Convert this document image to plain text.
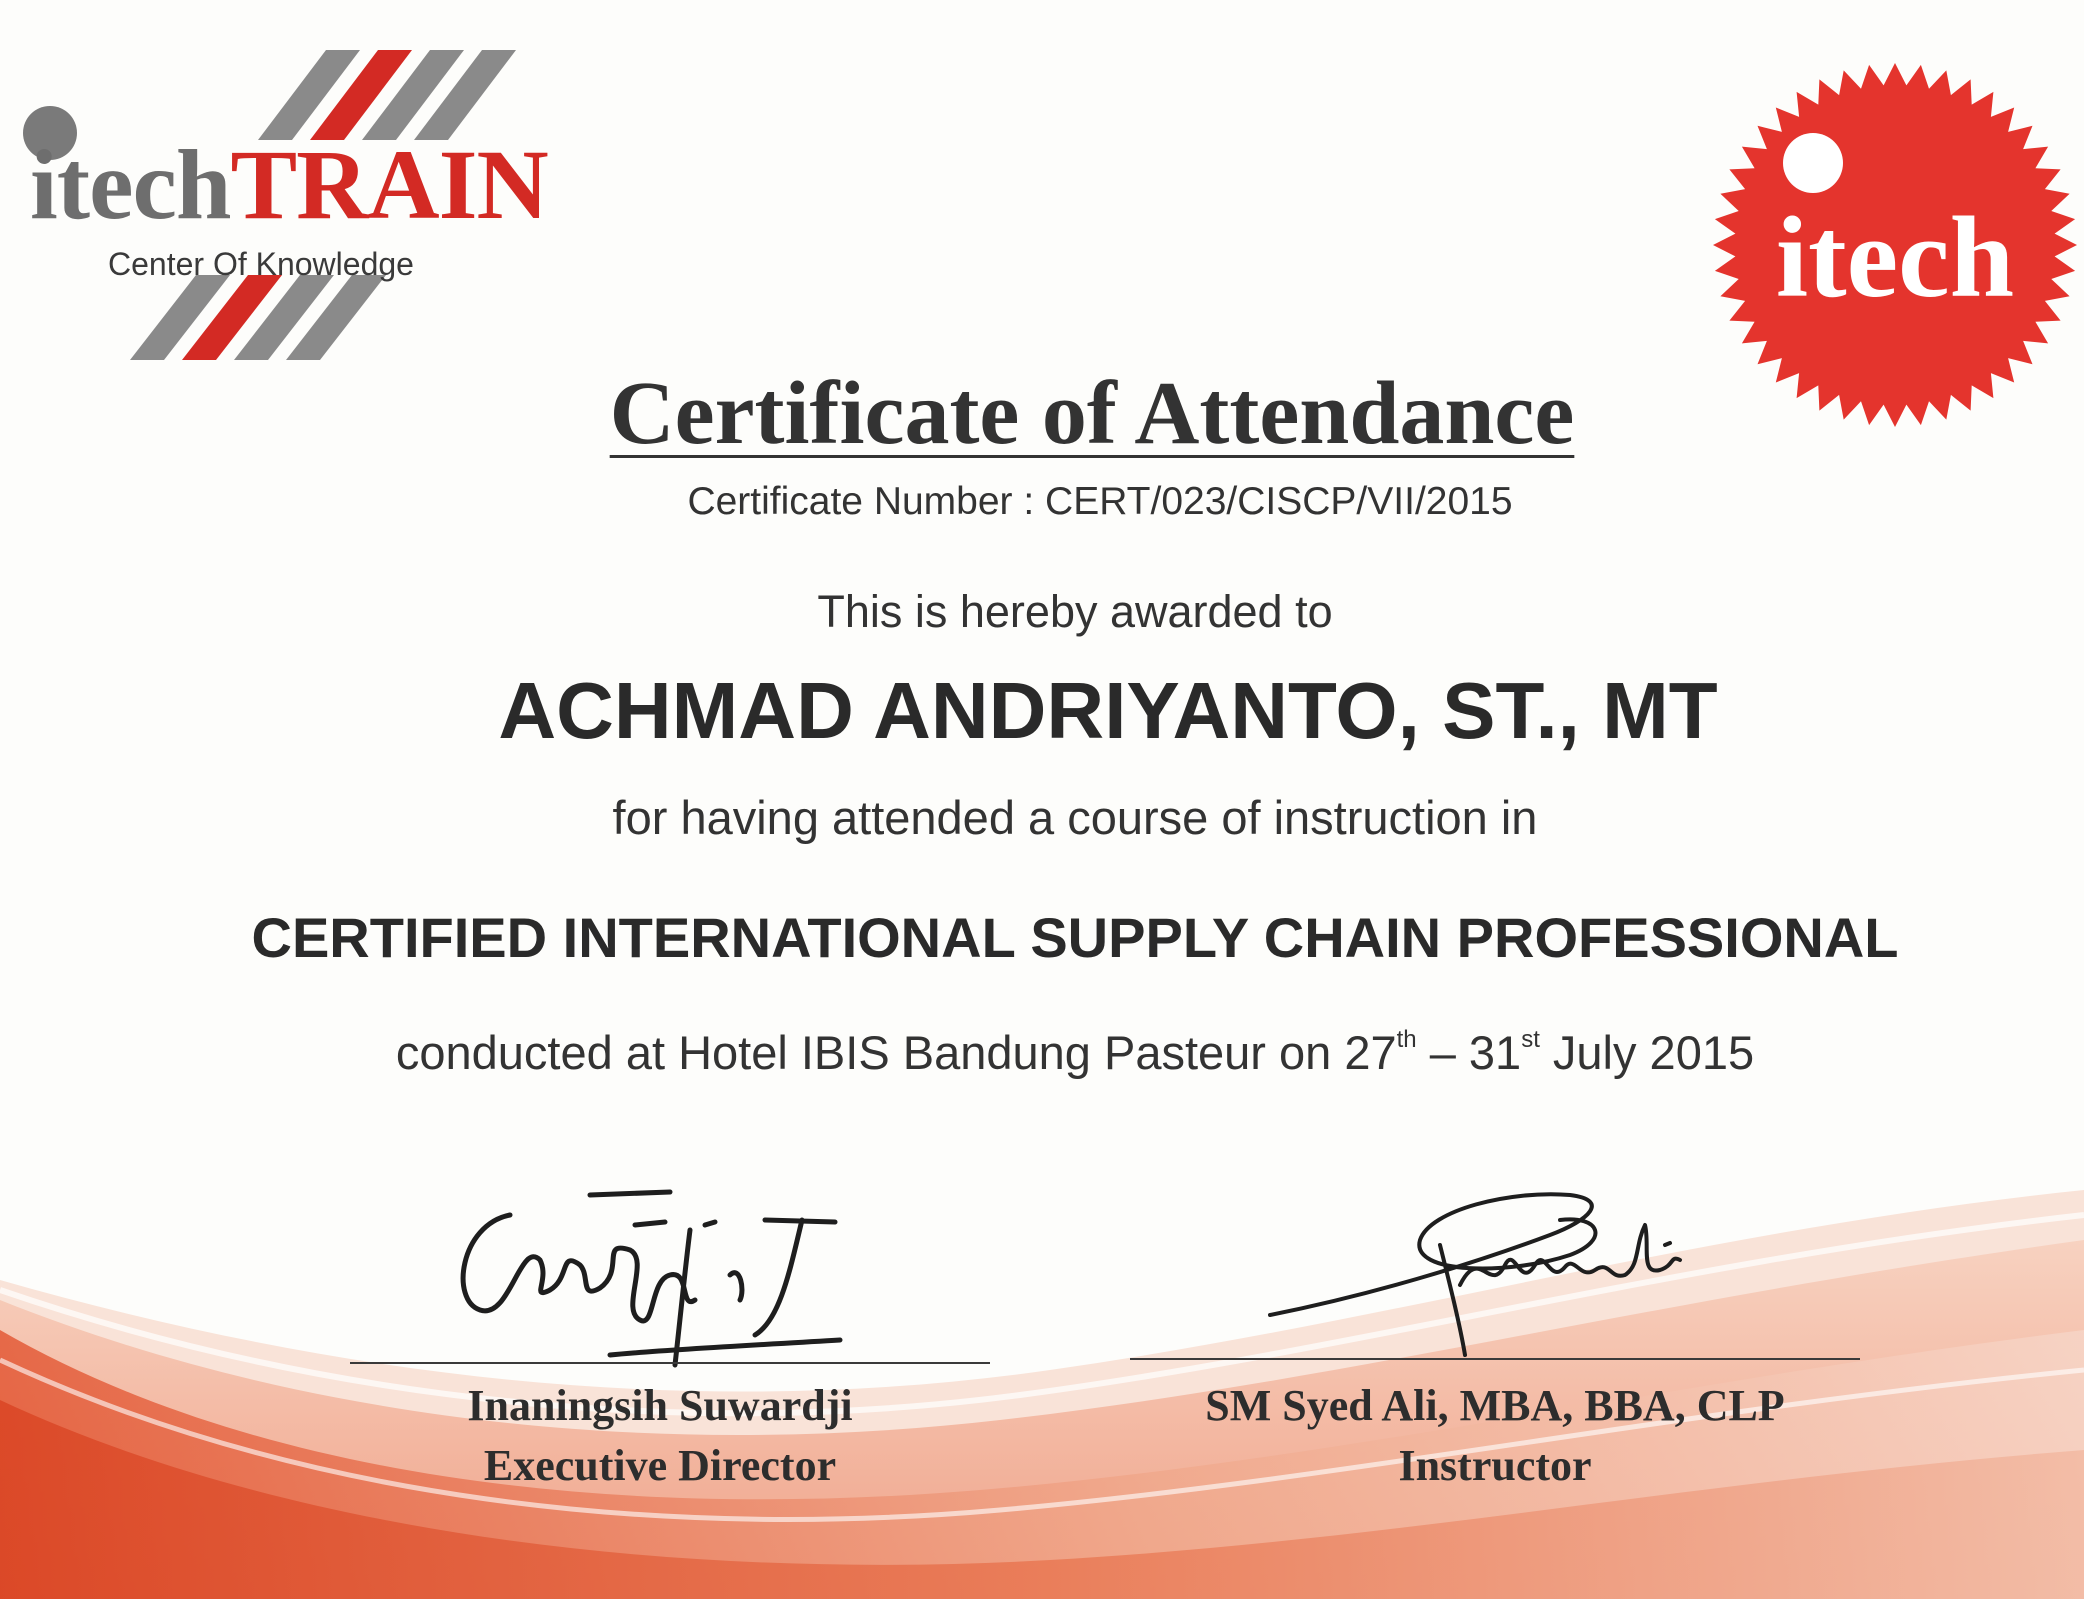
itechTRAIN
Center Of Knowledge	itech
Certificate of Attendance
Certificate Number : CERT/023/CISCP/VII/2015
This is hereby awarded to
ACHMAD ANDRIYANTO, ST., MT
for having attended a course of instruction in
CERTIFIED INTERNATIONAL SUPPLY CHAIN PROFESSIONAL
conducted at Hotel IBIS Bandung Pasteur on 27th – 31st July 2015
Inaningsih Suwardji
Executive Director
SM Syed Ali, MBA, BBA, CLP
Instructor
